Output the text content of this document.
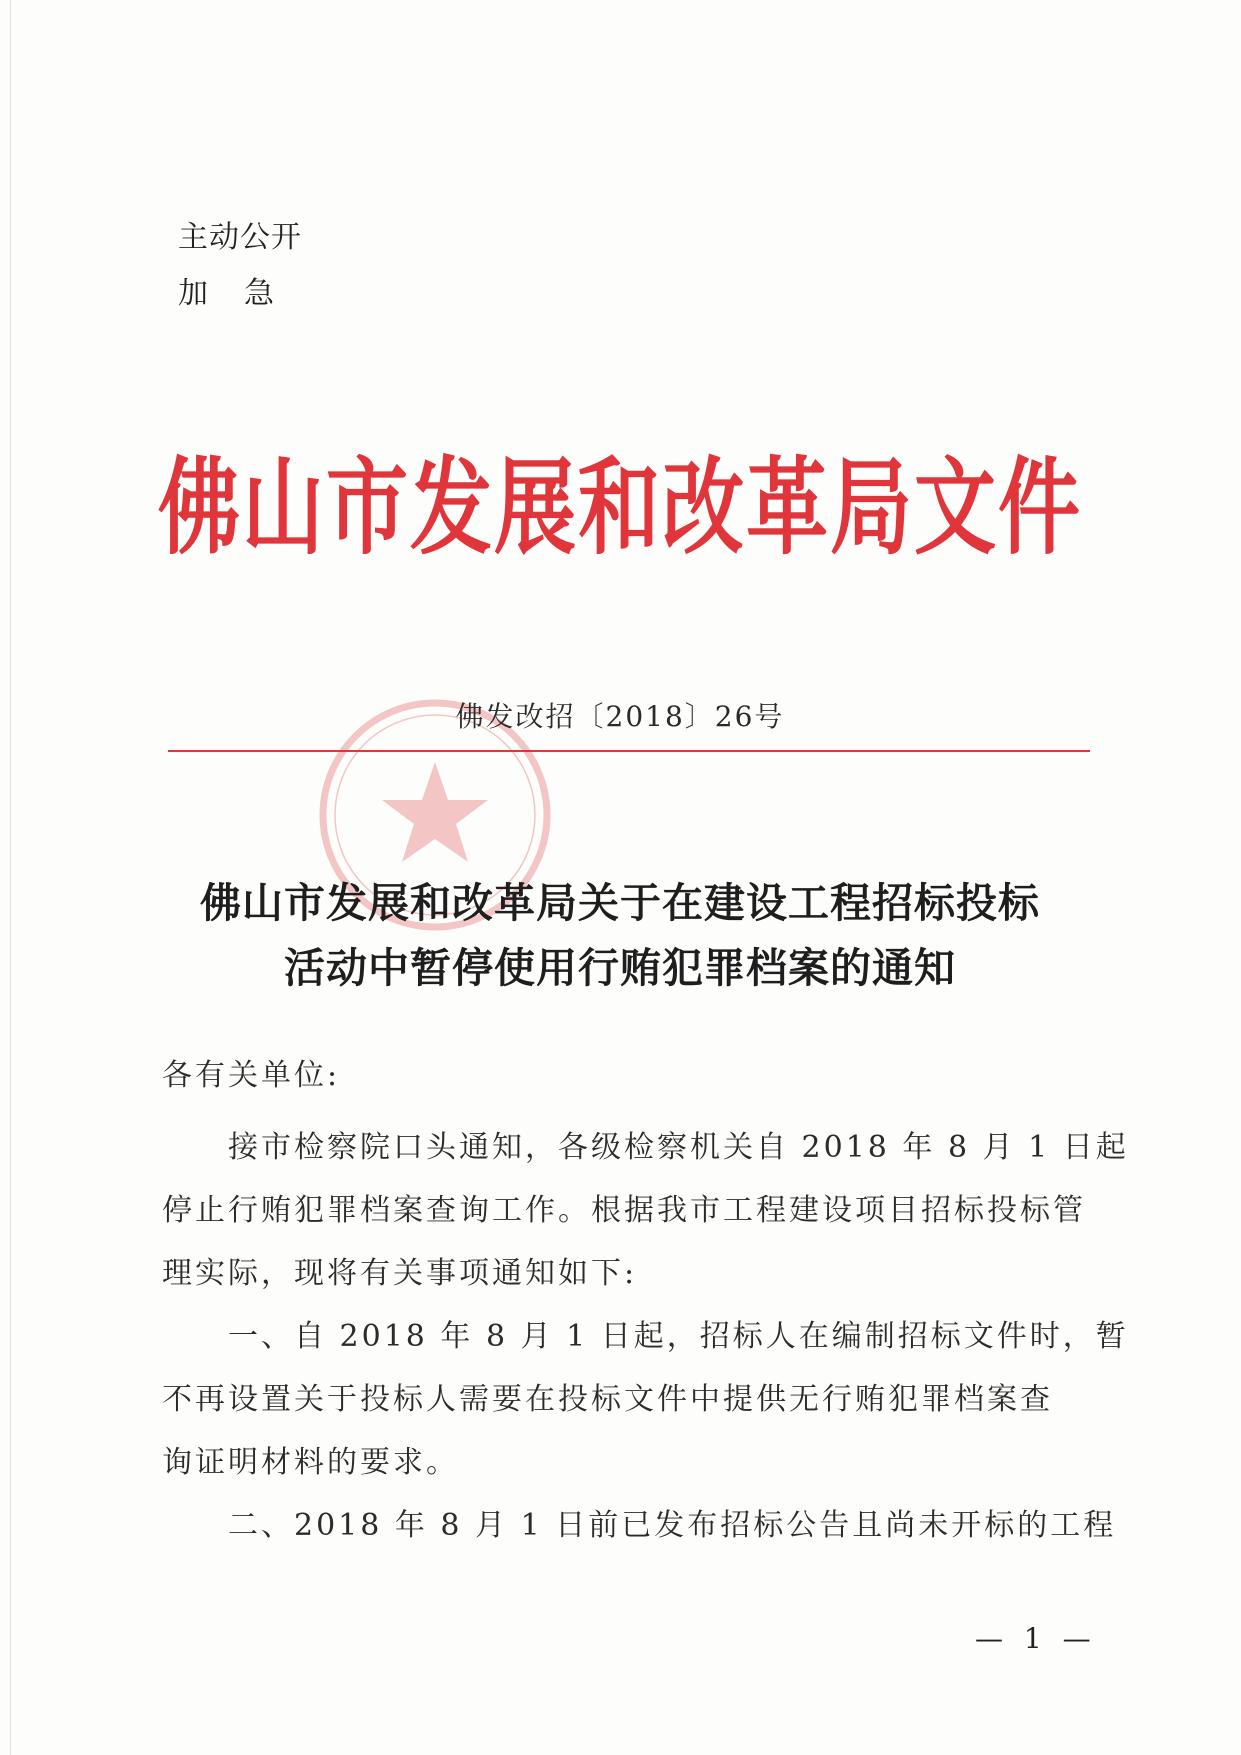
主动公开
加急
佛山市发展和改革局文件
佛发改招〔2018〕26号
佛山市发展和改革局关于在建设工程招标投标
活动中暂停使用行贿犯罪档案的通知
各有关单位:
接市检察院口头通知，各级检察机关自 2018 年 8 月 1 日起
停止行贿犯罪档案查询工作。根据我市工程建设项目招标投标管
理实际，现将有关事项通知如下:
一、自 2018 年 8 月 1 日起，招标人在编制招标文件时，暂
不再设置关于投标人需要在投标文件中提供无行贿犯罪档案查
询证明材料的要求。
二、2018 年 8 月 1 日前已发布招标公告且尚未开标的工程
— 1 —
